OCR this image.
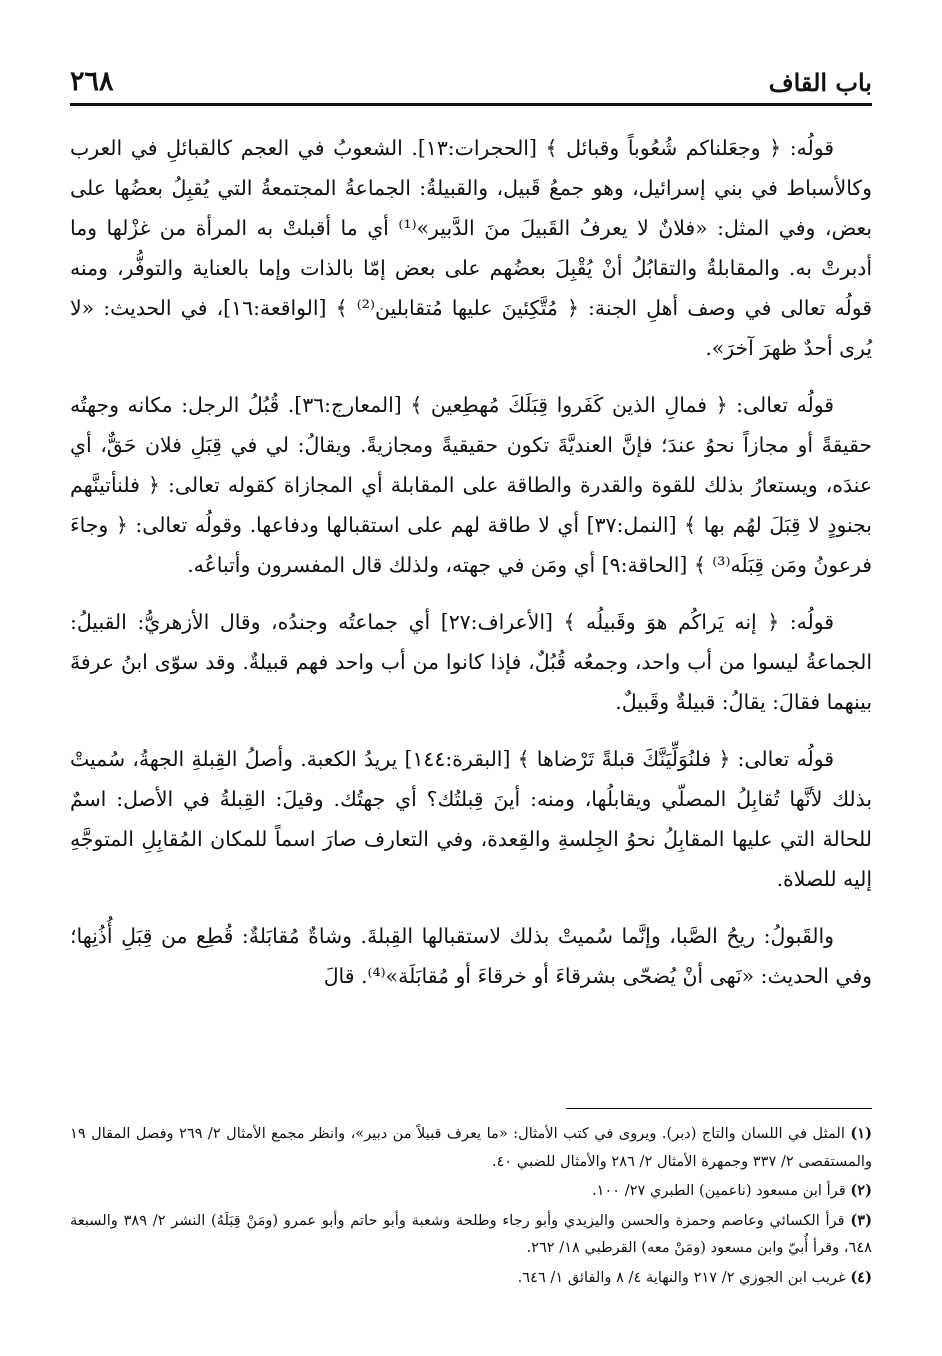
٢٦٨	باب القاف

قولُه: ﴿ وجعَلناكم شُعُوباً وقبائل ﴾ [الحجرات:١٣]. الشعوبُ في العجم كالقبائلِ في العرب وكالأسباط في بني إسرائيل، وهو جمعُ قَبيل، والقبيلةُ: الجماعةُ المجتمعةُ التي يُقبِلُ بعضُها على بعض، وفي المثل: «فلانٌ لا يعرفُ القَبيلَ منَ الدَّبير»⁽¹⁾ أي ما أقبلتْ به المرأة من غزْلها وما أدبرتْ به. والمقابلةُ والتقابُلُ أنْ يُقْبِلَ بعضُهم على بعض إمّا بالذات وإما بالعناية والتوفُّر، ومنه قولُه تعالى في وصف أهلِ الجنة: ﴿ مُتَّكِئينَ عليها مُتقابلين⁽²⁾ ﴾ [الواقعة:١٦]، في الحديث: «لا يُرى أحدٌ ظهرَ آخرَ».

قولُه تعالى: ﴿ فمالِ الذين كَفَروا قِبَلَكَ مُهطِعين ﴾ [المعارج:٣٦]. قُبُلُ الرجل: مكانه وجهتُه حقيقةً أو مجازاً نحوُ عندَ؛ فإنَّ العنديَّةَ تكون حقيقيةً ومجازيةً. ويقالُ: لي في قِبَلِ فلان حَقٌّ، أي عندَه، ويستعارُ بذلك للقوة والقدرة والطاقة على المقابلة أي المجازاة كقوله تعالى: ﴿ فلنأتينَّهم بجنودٍ لا قِبَلَ لهُم بها ﴾ [النمل:٣٧] أي لا طاقة لهم على استقبالها ودفاعها. وقولُه تعالى: ﴿ وجاءَ فرعونُ ومَن قِبَلَه⁽³⁾ ﴾ [الحاقة:٩] أي ومَن في جهته، ولذلك قال المفسرون وأتباعُه.

قولُه: ﴿ إنه يَراكُم هوَ وقَبيلُه ﴾ [الأعراف:٢٧] أي جماعتُه وجندُه، وقال الأزهريُّ: القبيلُ: الجماعةُ ليسوا من أب واحد، وجمعُه قُبُلٌ، فإذا كانوا من أب واحد فهم قبيلةٌ. وقد سوّى ابنُ عرفةَ بينهما فقالَ: يقالُ: قبيلةٌ وقَبيلٌ.

قولُه تعالى: ﴿ فلنُوَلِّيَنَّكَ قبلةً تَرْضاها ﴾ [البقرة:١٤٤] يريدُ الكعبة. وأصلُ القِبلةِ الجهةُ، سُميتْ بذلك لأنَّها تُقابِلُ المصلّي ويقابلُها، ومنه: أينَ قِبلتُك؟ أي جهتُك. وقيلَ: القِبلةُ في الأصل: اسمٌ للحالة التي عليها المقابِلُ نحوُ الجِلسةِ والقِعدة، وفي التعارف صارَ اسماً للمكان المُقابِلِ المتوجَّهِ إليه للصلاة.

والقَبولُ: ريحُ الصَّبا، وإنَّما سُميتْ بذلك لاستقبالها القِبلةَ. وشاةٌ مُقابَلةٌ: قُطِع من قِبَلِ أُذُنِها؛ وفي الحديث: «نَهى أنْ يُضحّى بشرقاءَ أو خرقاءَ أو مُقابَلَة»⁽⁴⁾. قالَ

(١) المثل في اللسان والتاج (دبر). ويروى في كتب الأمثال: «ما يعرف قبيلاً من دبير»، وانظر مجمع الأمثال ٢/ ٢٦٩ وفصل المقال ١٩ والمستقصى ٢/ ٣٣٧ وجمهرة الأمثال ٢/ ٢٨٦ والأمثال للضبي ٤٠.
(٢) قرأ ابن مسعود (ناعمين) الطبري ٢٧/ ١٠٠.
(٣) قرأ الكسائي وعاصم وحمزة والحسن واليزيدي وأبو رجاء وطلحة وشعبة وأبو حاتم وأبو عمرو (ومَنْ قِبَلَهُ) النشر ٢/ ٣٨٩ والسبعة ٦٤٨، وقرأ أُبيّ وابن مسعود (ومَنْ معه) القرطبي ١٨/ ٢٦٢.
(٤) غريب ابن الجوزي ٢/ ٢١٧ والنهاية ٤/ ٨ والفائق ١/ ٦٤٦.
